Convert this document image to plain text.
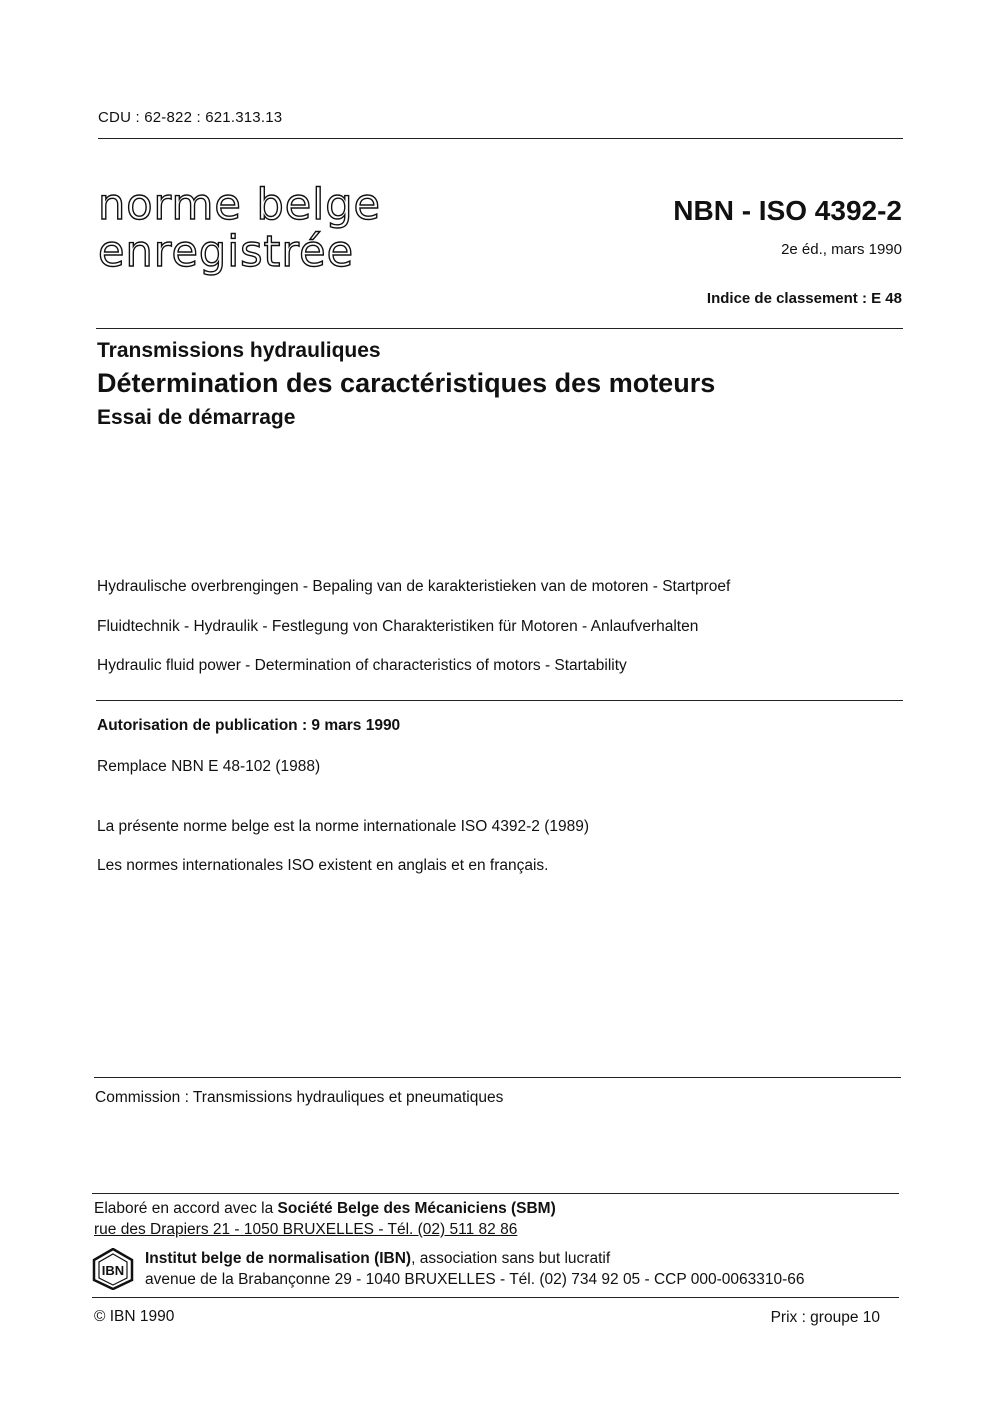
CDU : 62-822 : 621.313.13
norme belge
enregistrée
NBN - ISO 4392-2
2e éd., mars 1990
Indice de classement : E 48
Transmissions hydrauliques
Détermination des caractéristiques des moteurs
Essai de démarrage
Hydraulische overbrengingen - Bepaling van de karakteristieken van de motoren - Startproef
Fluidtechnik - Hydraulik - Festlegung von Charakteristiken für Motoren - Anlaufverhalten
Hydraulic fluid power - Determination of characteristics of motors - Startability
Autorisation de publication : 9 mars 1990
Remplace NBN E 48-102 (1988)
La présente norme belge est la norme internationale ISO 4392-2 (1989)
Les normes internationales ISO existent en anglais et en français.
Commission : Transmissions hydrauliques et pneumatiques
Elaboré en accord avec la Société Belge des Mécaniciens (SBM)
rue des Drapiers 21 - 1050 BRUXELLES - Tél. (02) 511 82 86
IBN
Institut belge de normalisation (IBN), association sans but lucratif
avenue de la Brabançonne 29 - 1040 BRUXELLES - Tél. (02) 734 92 05 - CCP 000-0063310-66
© IBN 1990	Prix : groupe 10
